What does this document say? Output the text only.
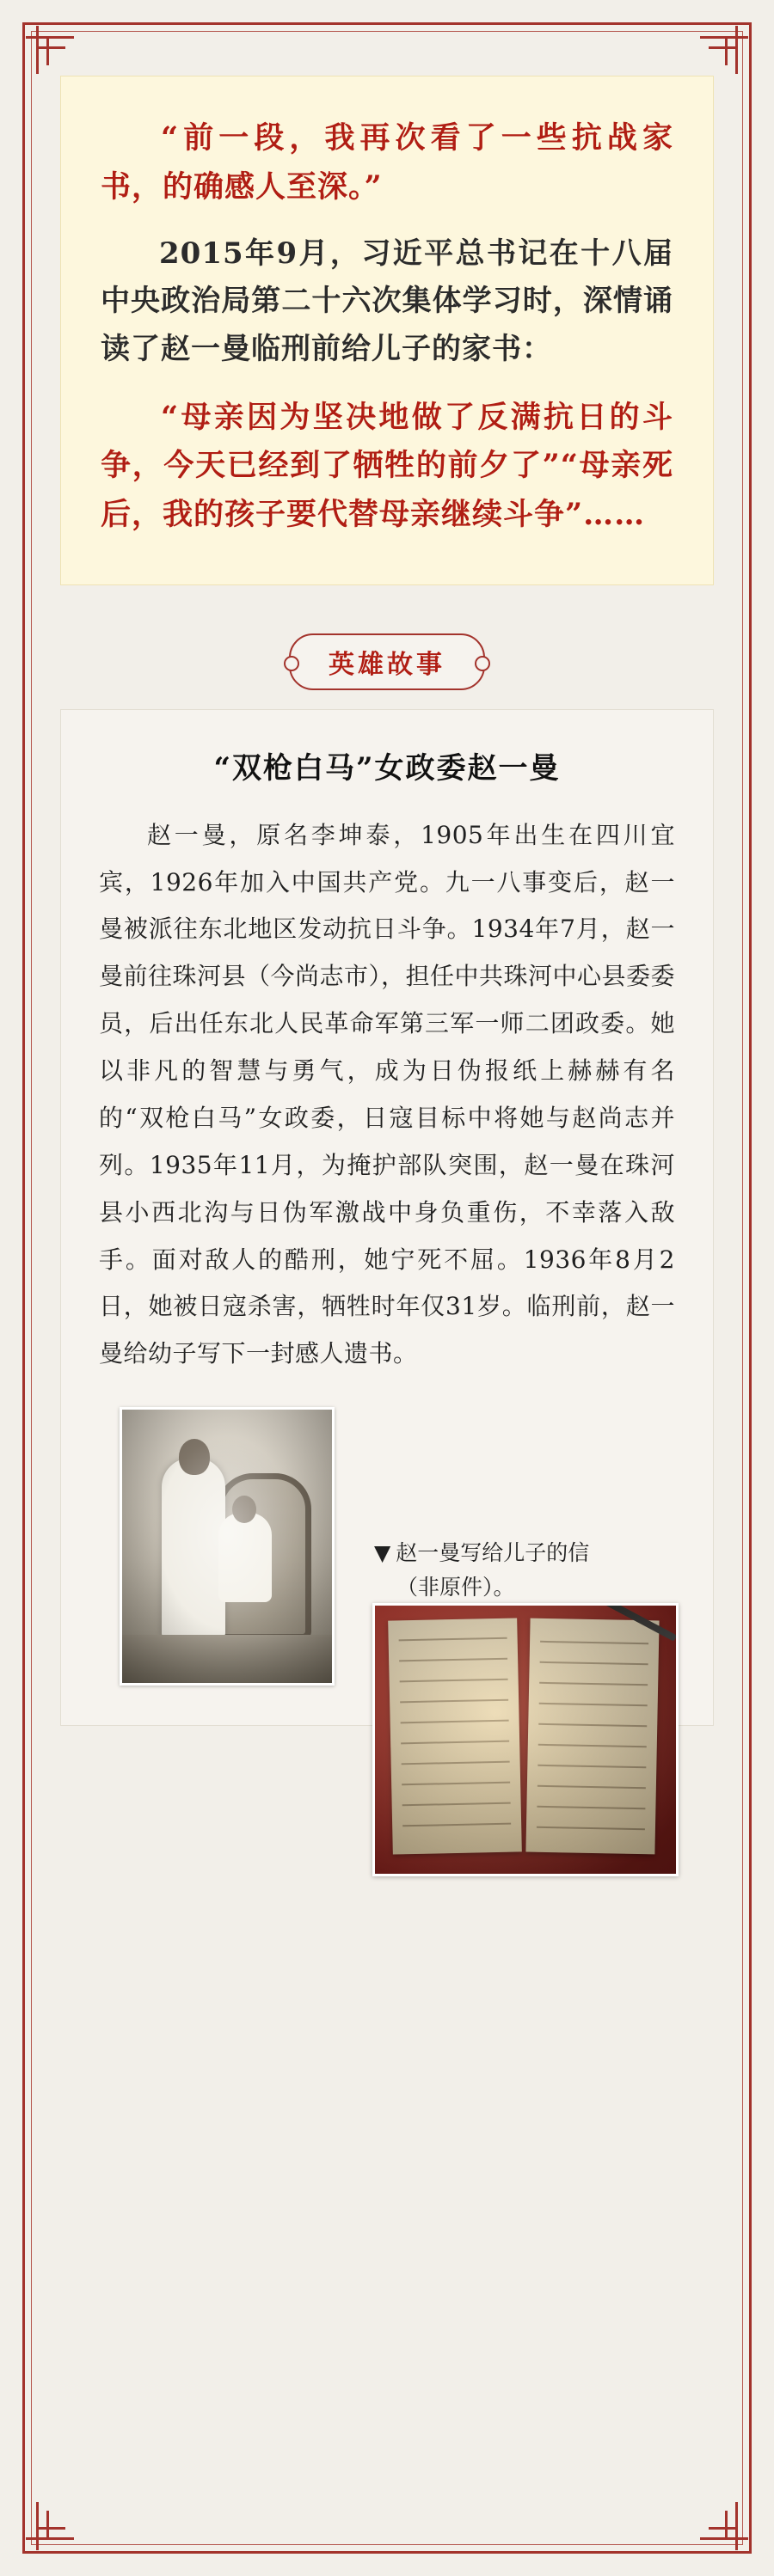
“前一段，我再次看了一些抗战家书，的确感人至深。”

2015年9月，习近平总书记在十八届中央政治局第二十六次集体学习时，深情诵读了赵一曼临刑前给儿子的家书：

“母亲因为坚决地做了反满抗日的斗争，今天已经到了牺牲的前夕了”“母亲死后，我的孩子要代替母亲继续斗争”……

英雄故事
“双枪白马”女政委赵一曼

赵一曼，原名李坤泰，1905年出生在四川宜宾，1926年加入中国共产党。九一八事变后，赵一曼被派往东北地区发动抗日斗争。1934年7月，赵一曼前往珠河县（今尚志市），担任中共珠河中心县委委员，后出任东北人民革命军第三军一师二团政委。她以非凡的智慧与勇气，成为日伪报纸上赫赫有名的“双枪白马”女政委，日寇目标中将她与赵尚志并列。1935年11月，为掩护部队突围，赵一曼在珠河县小西北沟与日伪军激战中身负重伤，不幸落入敌手。面对敌人的酷刑，她宁死不屈。1936年8月2日，她被日寇杀害，牺牲时年仅31岁。临刑前，赵一曼给幼子写下一封感人遗书。

▼ 赵一曼写给儿子的信
（非原件）。
